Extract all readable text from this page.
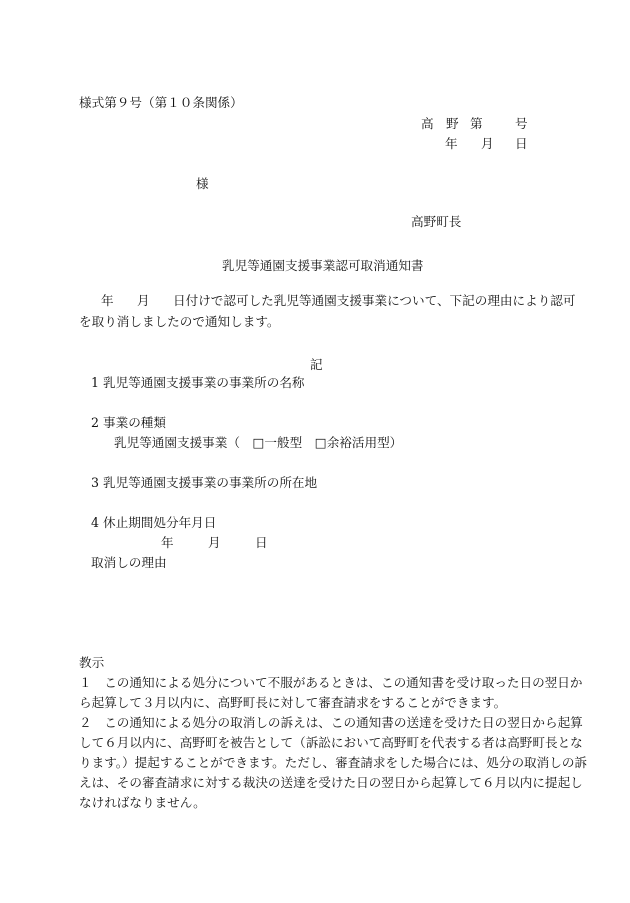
様式第９号（第１０条関係）
高 野 第	号
年 月 日
様
高野町長
乳児等通園支援事業認可取消通知書
年 月 日付けで認可した乳児等通園支援事業について、下記の理由により認可
を取り消しましたので通知します。
記
1 乳児等通園支援事業の事業所の名称
2 事業の種類
乳児等通園支援事業（　□一般型　□余裕活用型）
3 乳児等通園支援事業の事業所の所在地
4 休止期間処分年月日
年	月	日
取消しの理由
教示
１　この通知による処分について不服があるときは、この通知書を受け取った日の翌日か
ら起算して３月以内に、高野町長に対して審査請求をすることができます。
２　この通知による処分の取消しの訴えは、この通知書の送達を受けた日の翌日から起算
して６月以内に、高野町を被告として（訴訟において高野町を代表する者は高野町長とな
ります。）提起することができます。ただし、審査請求をした場合には、処分の取消しの訴
えは、その審査請求に対する裁決の送達を受けた日の翌日から起算して６月以内に提起し
なければなりません。
